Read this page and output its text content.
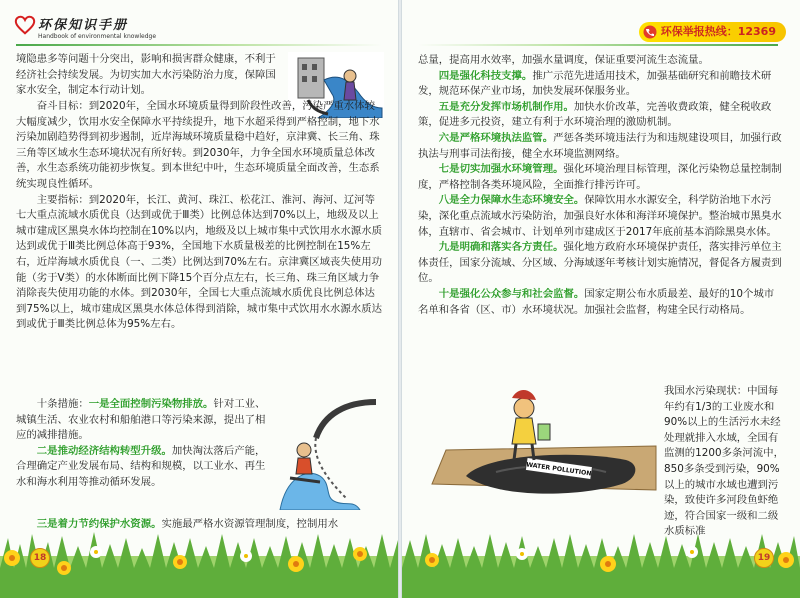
环保知识手册
Handbook of environmental knowledge

境隐患多等问题十分突出，影响和损害群众健康，不利于经济社会持续发展。为切实加大水污染防治力度，保障国家水安全，制定本行动计划。

奋斗目标：到2020年，全国水环境质量得到阶段性改善，污染严重水体较大幅度减少，饮用水安全保障水平持续提升，地下水超采得到严格控制，地下水污染加剧趋势得到初步遏制，近岸海域环境质量稳中趋好，京津冀、长三角、珠三角等区域水生态环境状况有所好转。到2030年，力争全国水环境质量总体改善，水生态系统功能初步恢复。到本世纪中叶，生态环境质量全面改善，生态系统实现良性循环。

主要指标：到2020年，长江、黄河、珠江、松花江、淮河、海河、辽河等七大重点流域水质优良（达到或优于Ⅲ类）比例总体达到70%以上，地级及以上城市建成区黑臭水体均控制在10%以内，地级及以上城市集中式饮用水水源水质达到或优于Ⅲ类比例总体高于93%，全国地下水质量极差的比例控制在15%左右，近岸海域水质优良（一、二类）比例达到70%左右。京津冀区域丧失使用功能（劣于Ⅴ类）的水体断面比例下降15个百分点左右，长三角、珠三角区域力争消除丧失使用功能的水体。到2030年，全国七大重点流域水质优良比例总体达到75%以上，城市建成区黑臭水体总体得到消除，城市集中式饮用水水源水质达到或优于Ⅲ类比例总体为95%左右。

十条措施：一是全面控制污染物排放。针对工业、城镇生活、农业农村和船舶港口等污染来源，提出了相应的减排措施。

二是推动经济结构转型升级。加快淘汰落后产能，合理确定产业发展布局、结构和规模，以工业水、再生水和海水利用等推动循环发展。

三是着力节约保护水资源。实施最严格水资源管理制度，控制用水

18
环保举报热线：12369

总量，提高用水效率，加强水量调度，保证重要河流生态流量。

四是强化科技支撑。推广示范先进适用技术，加强基础研究和前瞻技术研发，规范环保产业市场，加快发展环保服务业。

五是充分发挥市场机制作用。加快水价改革，完善收费政策，健全税收政策，促进多元投资，建立有利于水环境治理的激励机制。

六是严格环境执法监管。严惩各类环境违法行为和违规建设项目，加强行政执法与刑事司法衔接，健全水环境监测网络。

七是切实加强水环境管理。强化环境治理目标管理，深化污染物总量控制制度，严格控制各类环境风险，全面推行排污许可。

八是全力保障水生态环境安全。保障饮用水水源安全，科学防治地下水污染，深化重点流域水污染防治，加强良好水体和海洋环境保护。整治城市黑臭水体，直辖市、省会城市、计划单列市建成区于2017年底前基本消除黑臭水体。

九是明确和落实各方责任。强化地方政府水环境保护责任，落实排污单位主体责任，国家分流域、分区域、分海域逐年考核计划实施情况，督促各方履责到位。

十是强化公众参与和社会监督。国家定期公布水质最差、最好的10个城市名单和各省（区、市）水环境状况。加强社会监督，构建全民行动格局。

WATER POLLUTION
我国水污染现状：中国每年约有1/3的工业废水和90%以上的生活污水未经处理就排入水域，全国有监测的1200多条河流中，850多条受到污染，90%以上的城市水域也遭到污染，致使许多河段鱼虾绝迹，符合国家一级和二级水质标准
19
